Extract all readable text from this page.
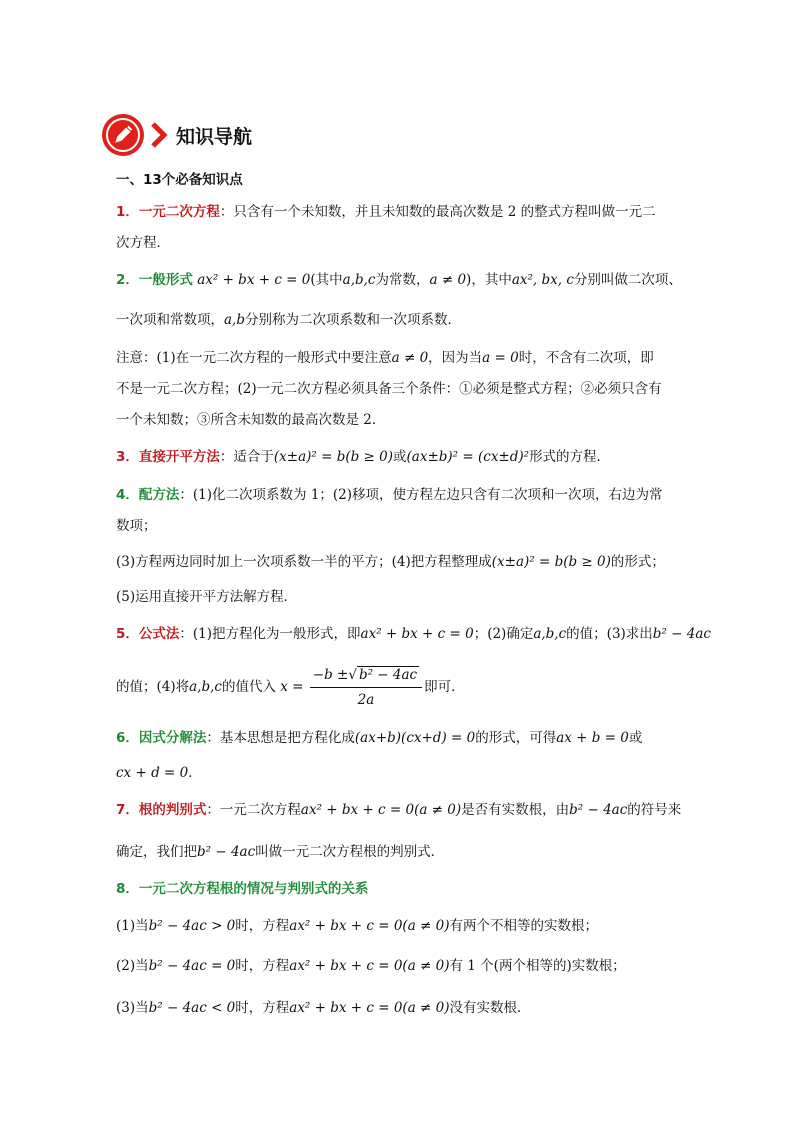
知识导航
一、13个必备知识点
1．一元二次方程：只含有一个未知数，并且未知数的最高次数是 2 的整式方程叫做一元二
次方程．
2．一般形式 ax² + bx + c = 0(其中a,b,c为常数，a ≠ 0)，其中ax², bx, c分别叫做二次项、
一次项和常数项，a,b分别称为二次项系数和一次项系数．
注意：(1)在一元二次方程的一般形式中要注意a ≠ 0，因为当a = 0时，不含有二次项，即
不是一元二次方程；(2)一元二次方程必须具备三个条件：①必须是整式方程；②必须只含有
一个未知数；③所含未知数的最高次数是 2．
3．直接开平方法：适合于(x±a)² = b(b ≥ 0)或(ax±b)² = (cx±d)²形式的方程．
4．配方法：(1)化二次项系数为 1；(2)移项，使方程左边只含有二次项和一次项，右边为常
数项；
(3)方程两边同时加上一次项系数一半的平方；(4)把方程整理成(x±a)² = b(b ≥ 0)的形式；
(5)运用直接开平方法解方程．
5．公式法：(1)把方程化为一般形式，即ax² + bx + c = 0；(2)确定a,b,c的值；(3)求出b² − 4ac
的值；(4)将a,b,c的值代入 $x = \frac{\text{−b ±√ b² − 4ac}}{2a}$ 即可．
6．因式分解法：基本思想是把方程化成(ax+b)(cx+d) = 0的形式，可得ax + b = 0或
cx + d = 0．
7．根的判别式：一元二次方程ax² + bx + c = 0(a ≠ 0)是否有实数根，由b² − 4ac的符号来
确定，我们把b² − 4ac叫做一元二次方程根的判别式．
8．一元二次方程根的情况与判别式的关系
(1)当b² − 4ac > 0时，方程ax² + bx + c = 0(a ≠ 0)有两个不相等的实数根；
(2)当b² − 4ac = 0时，方程ax² + bx + c = 0(a ≠ 0)有 1 个(两个相等的)实数根；
(3)当b² − 4ac < 0时，方程ax² + bx + c = 0(a ≠ 0)没有实数根．
